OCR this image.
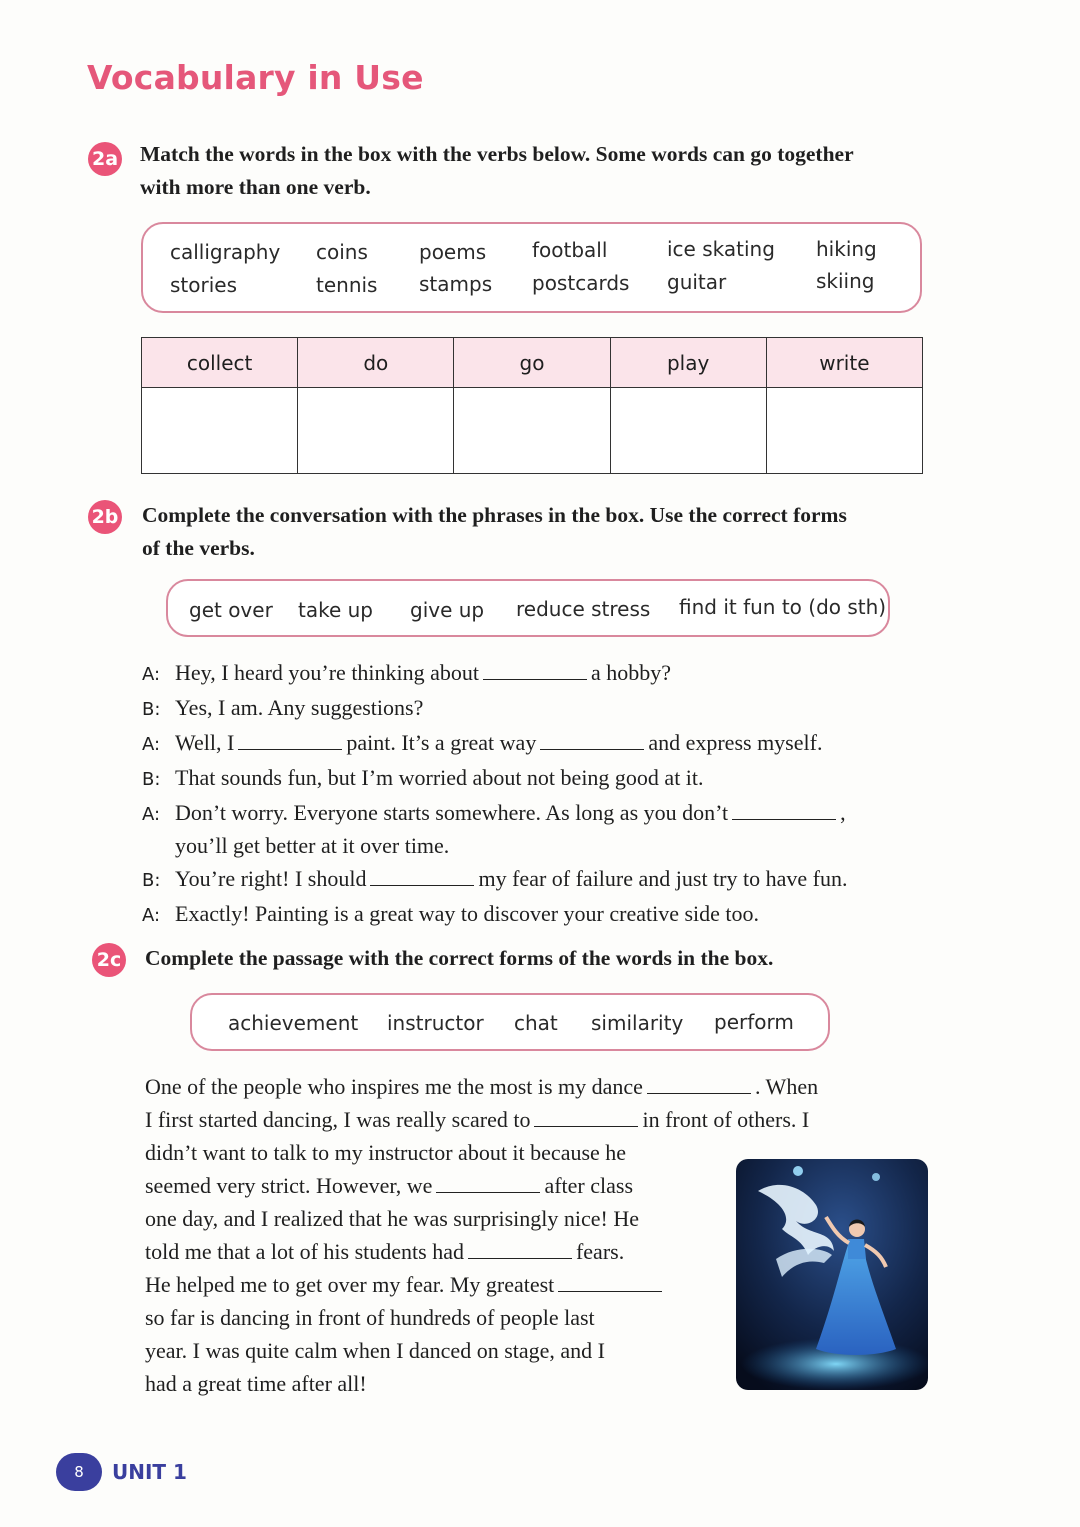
Vocabulary in Use
2a Match the words in the box with the verbs below. Some words can go together
with more than one verb.
calligraphy coins	poems football	ice skating hiking
stories	tennis stamps postcards guitar	skiing
collect	do	go	play	write

2b Complete the conversation with the phrases in the box. Use the correct forms
of the verbs.
get over take up give up reduce stress find it fun to (do sth)
A: Hey, I heard you’re thinking about	a hobby?
B: Yes, I am. Any suggestions?
A: Well, I	paint. It’s a great way	and express myself.
B: That sounds fun, but I’m worried about not being good at it.
A: Don’t worry. Everyone starts somewhere. As long as you don’t	,
you’ll get better at it over time.
B: You’re right! I should	my fear of failure and just try to have fun.
A: Exactly! Painting is a great way to discover your creative side too.
2c Complete the passage with the correct forms of the words in the box.
achievement instructor chat similarity perform
One of the people who inspires me the most is my dance	. When
I first started dancing, I was really scared to	in front of others. I
didn’t want to talk to my instructor about it because he
seemed very strict. However, we	after class
one day, and I realized that he was surprisingly nice! He
told me that a lot of his students had	fears.
He helped me to get over my fear. My greatest
so far is dancing in front of hundreds of people last
year. I was quite calm when I danced on stage, and I
had a great time after all!
8	UNIT 1
